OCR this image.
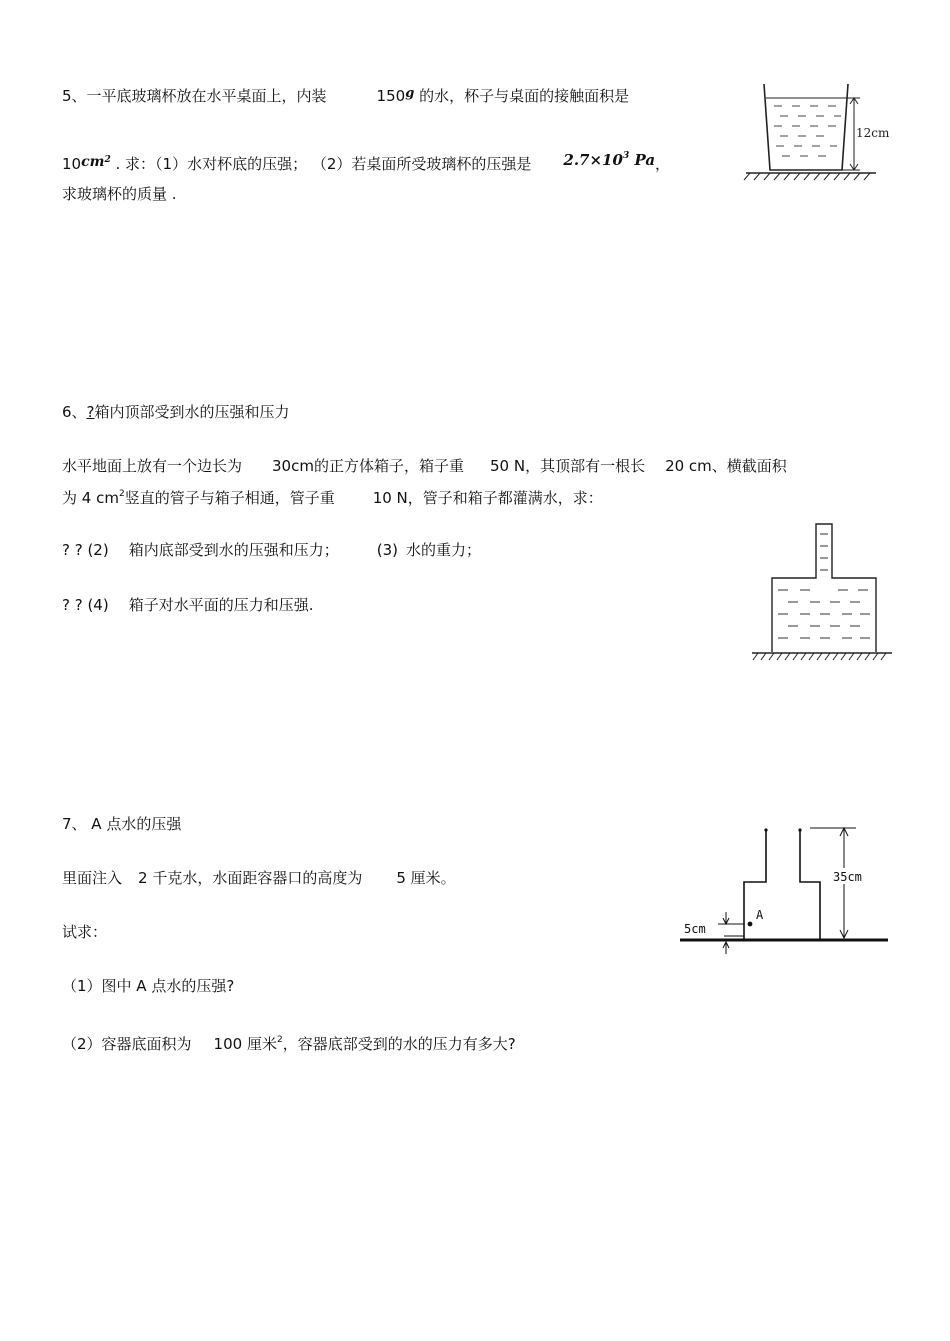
5、一平底玻璃杯放在水平桌面上，内装	150g 的水，杯子与桌面的接触面积是
$10cm^2$ . 求：（1）水对杯底的压强； （2）若桌面所受玻璃杯的压强是 $2.7\times 10^3$ Pa，
求玻璃杯的质量 .
12cm
6、?箱内顶部受到水的压强和压力
水平地面上放有一个边长为 30cm的正方体箱子，箱子重 50 N，其顶部有一根长 20 cm、横截面积
为 4 $cm^2$竖直的管子与箱子相通，管子重	10 N，管子和箱子都灌满水，求：
? ? (2) 箱内底部受到水的压强和压力；	(3) 水的重力；
? ? (4) 箱子对水平面的压力和压强.
7、 A 点水的压强
里面注入 2 千克水，水面距容器口的高度为 5 厘米。
试求：
（1）图中 A 点水的压强?
（2）容器底面积为 100 厘米$^2$，容器底部受到的水的压力有多大?
A
35cm
5cm
